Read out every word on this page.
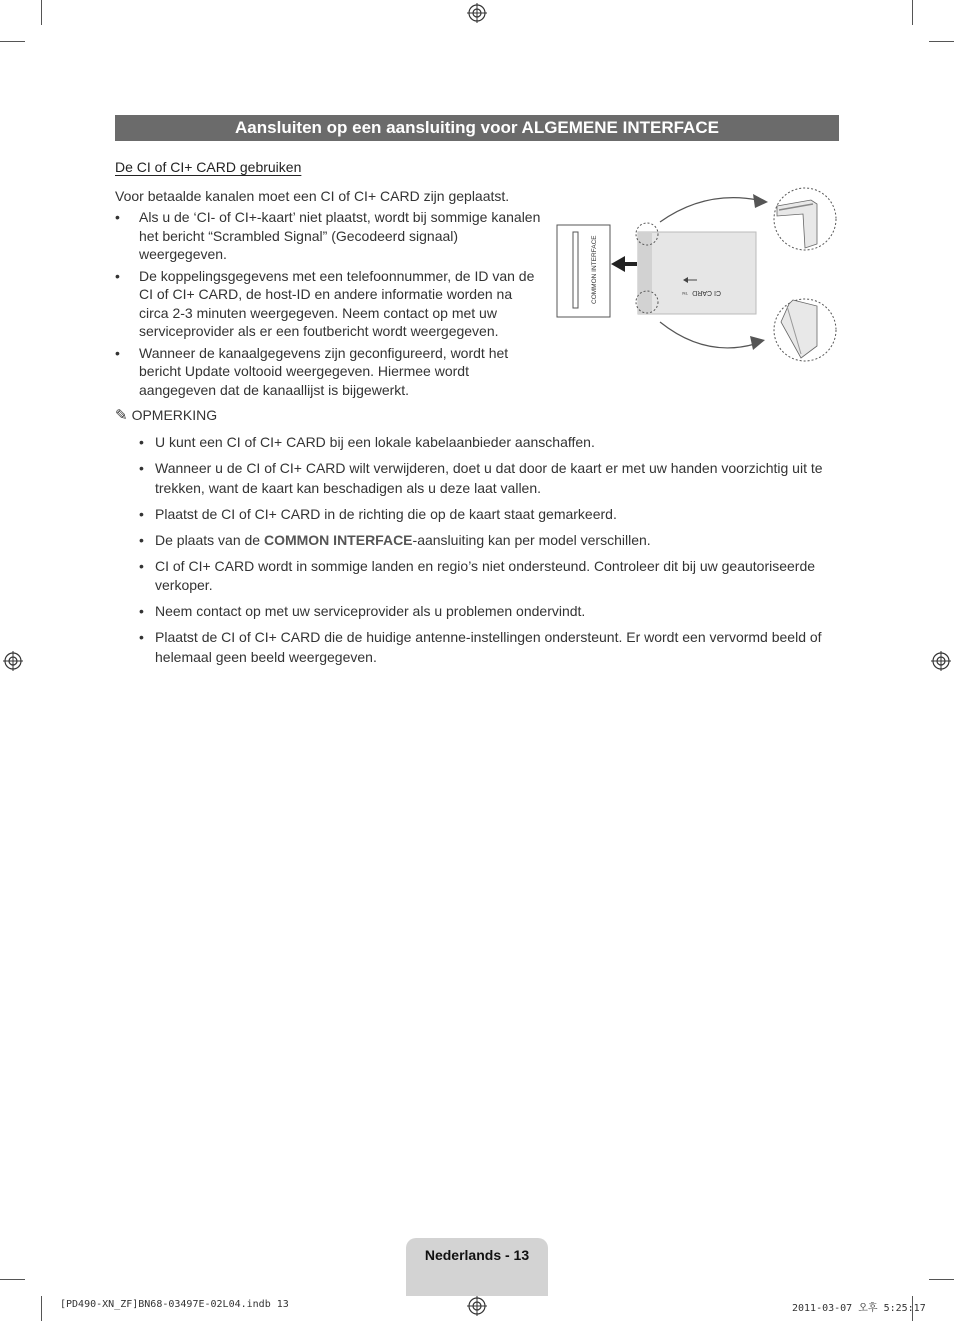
Aansluiten op een aansluiting voor ALGEMENE INTERFACE
De CI of CI+ CARD gebruiken
Voor betaalde kanalen moet een CI of CI+ CARD zijn geplaatst.
• Als u de ‘CI- of CI+-kaart’ niet plaatst, wordt bij sommige kanalen het bericht “Scrambled Signal” (Gecodeerd signaal) weergegeven.
• De koppelingsgegevens met een telefoonnummer, de ID van de CI of CI+ CARD, de host-ID en andere informatie worden na circa 2-3 minuten weergegeven. Neem contact op met uw serviceprovider als er een foutbericht wordt weergegeven.
• Wanneer de kanaalgegevens zijn geconfigureerd, wordt het bericht Update voltooid weergegeven. Hiermee wordt aangegeven dat de kanaallijst is bijgewerkt.
COMMON INTERFACE	CI CARD
TM
✎ OPMERKING
• U kunt een CI of CI+ CARD bij een lokale kabelaanbieder aanschaffen.
• Wanneer u de CI of CI+ CARD wilt verwijderen, doet u dat door de kaart er met uw handen voorzichtig uit te trekken, want de kaart kan beschadigen als u deze laat vallen.
• Plaatst de CI of CI+ CARD in de richting die op de kaart staat gemarkeerd.
• De plaats van de COMMON INTERFACE-aansluiting kan per model verschillen.
• CI of CI+ CARD wordt in sommige landen en regio’s niet ondersteund. Controleer dit bij uw geautoriseerde verkoper.
• Neem contact op met uw serviceprovider als u problemen ondervindt.
• Plaatst de CI of CI+ CARD die de huidige antenne-instellingen ondersteunt. Er wordt een vervormd beeld of helemaal geen beeld weergegeven.
Nederlands - 13
[PD490-XN_ZF]BN68-03497E-02L04.indb 13	2011-03-07 오후 5:25:17
